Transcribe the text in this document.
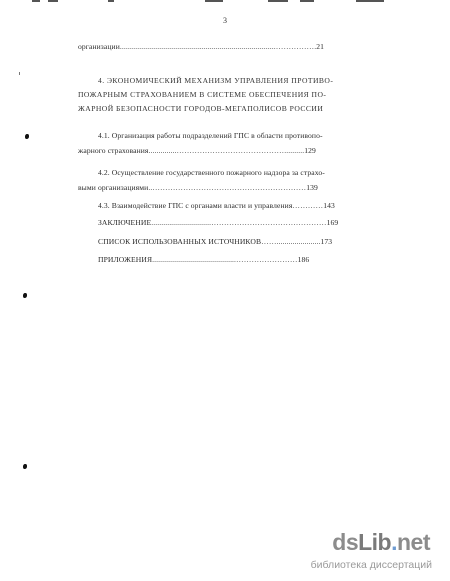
3
организации..............................................................................…………….21
4. ЭКОНОМИЧЕСКИЙ МЕХАНИЗМ УПРАВЛЕНИЯ ПРОТИВО-
ПОЖАРНЫМ СТРАХОВАНИЕМ В СИСТЕМЕ ОБЕСПЕЧЕНИЯ ПО-
ЖАРНОЙ БЕЗОПАСНОСТИ ГОРОДОВ-МЕГАПОЛИСОВ РОССИИ
4.1. Организация работы подразделений ГПС в области противопо-
жарного страхования..............……………………………………..........129
4.2. Осуществление государственного пожарного надзора за страхо-
выми организациями..……………………………………………………139
4.3. Взаимодействие ГПС с органами власти и управления…………143
ЗАКЛЮЧЕНИЕ..............................………………………………………169
СПИСОК ИСПОЛЬЗОВАННЫХ ИСТОЧНИКОВ……......................173
ПРИЛОЖЕНИЯ..........................................……………………186
dsLib.net
библиотека диссертаций
